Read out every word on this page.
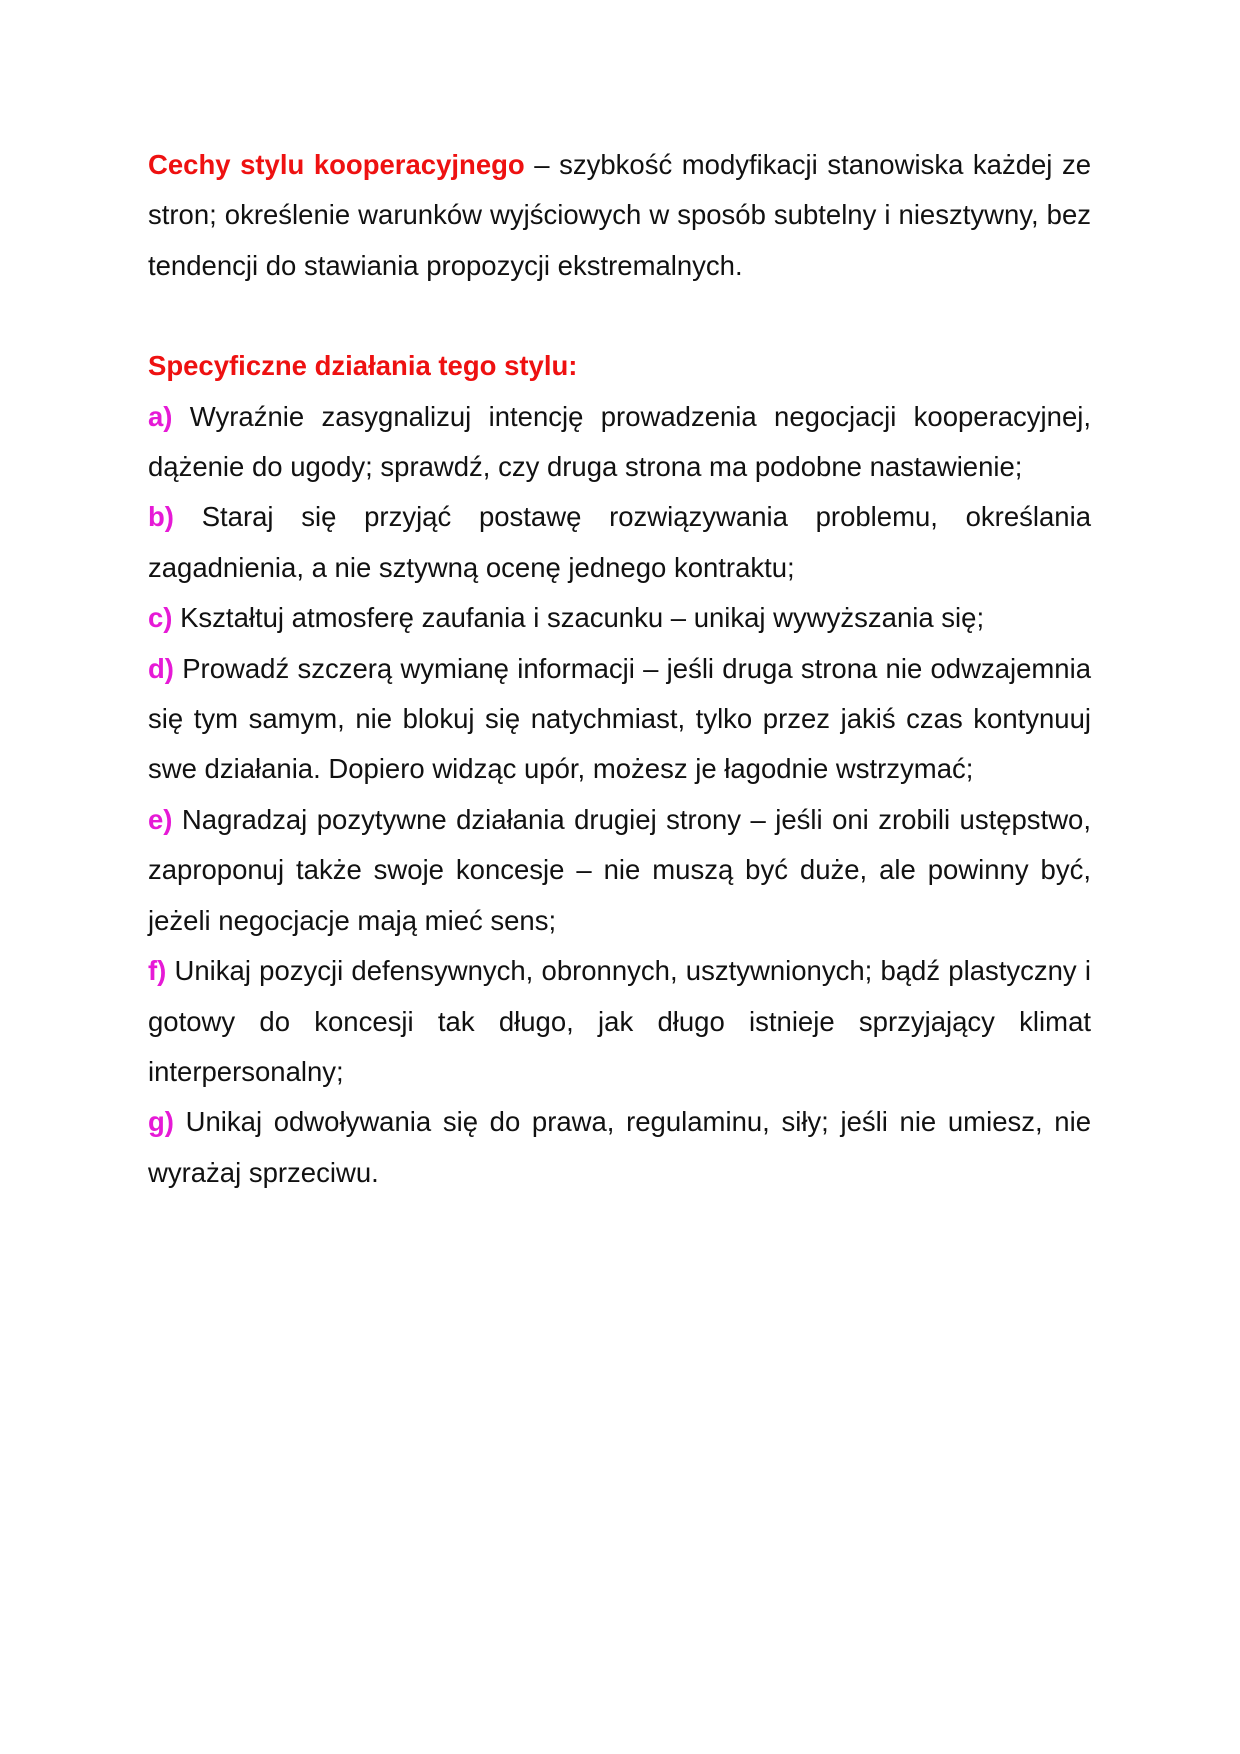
Cechy stylu kooperacyjnego – szybkość modyfikacji stanowiska każdej ze stron; określenie warunków wyjściowych w sposób subtelny i niesztywny, bez tendencji do stawiania propozycji ekstremalnych.

Specyficzne działania tego stylu:

a) Wyraźnie zasygnalizuj intencję prowadzenia negocjacji kooperacyjnej, dążenie do ugody; sprawdź, czy druga strona ma podobne nastawienie;

b) Staraj się przyjąć postawę rozwiązywania problemu, określania zagadnienia, a nie sztywną ocenę jednego kontraktu;

c) Kształtuj atmosferę zaufania i szacunku – unikaj wywyższania się;

d) Prowadź szczerą wymianę informacji – jeśli druga strona nie odwzajemnia się tym samym, nie blokuj się natychmiast, tylko przez jakiś czas kontynuuj swe działania. Dopiero widząc upór, możesz je łagodnie wstrzymać;

e) Nagradzaj pozytywne działania drugiej strony – jeśli oni zrobili ustępstwo, zaproponuj także swoje koncesje – nie muszą być duże, ale powinny być, jeżeli negocjacje mają mieć sens;

f) Unikaj pozycji defensywnych, obronnych, usztywnionych; bądź plastyczny i gotowy do koncesji tak długo, jak długo istnieje sprzyjający klimat interpersonalny;

g) Unikaj odwoływania się do prawa, regulaminu, siły; jeśli nie umiesz, nie wyrażaj sprzeciwu.
